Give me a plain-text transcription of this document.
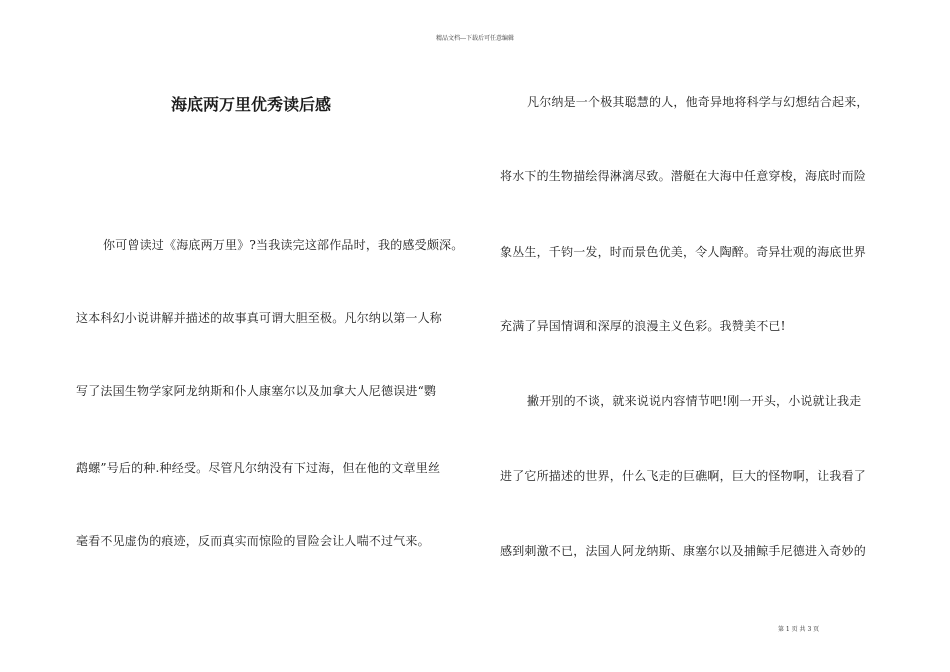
精品文档---下载后可任意编辑
海底两万里优秀读后感
你可曾读过《海底两万里》?当我读完这部作品时，我的感受颇深。
这本科幻小说讲解并描述的故事真可谓大胆至极。凡尔纳以第一人称
写了法国生物学家阿龙纳斯和仆人康塞尔以及加拿大人尼德误进“鹦
鹉螺”号后的种.种经受。尽管凡尔纳没有下过海，但在他的文章里丝
毫看不见虚伪的痕迹，反而真实而惊险的冒险会让人喘不过气来。
凡尔纳是一个极其聪慧的人，他奇异地将科学与幻想结合起来，
将水下的生物描绘得淋漓尽致。潜艇在大海中任意穿梭，海底时而险
象丛生，千钧一发，时而景色优美，令人陶醉。奇异壮观的海底世界
充满了异国情调和深厚的浪漫主义色彩。我赞美不已!
撇开别的不谈，就来说说内容情节吧!刚一开头，小说就让我走
进了它所描述的世界，什么飞走的巨礁啊，巨大的怪物啊，让我看了
感到刺激不已，法国人阿龙纳斯、康塞尔以及捕鲸手尼德进入奇妙的
第 1 页 共 3 页
